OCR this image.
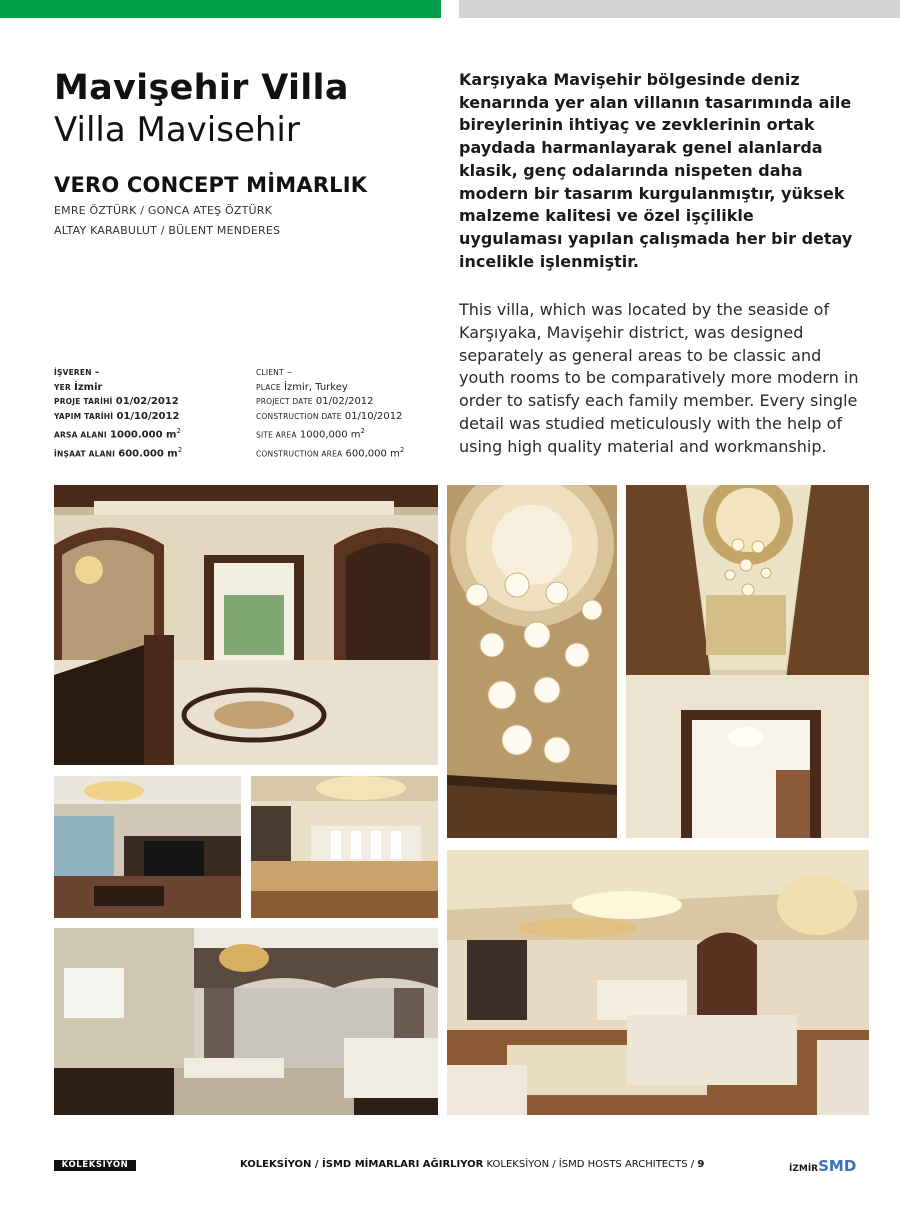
Mavişehir Villa
Villa Mavisehir
VERO CONCEPT MİMARLIK
EMRE ÖZTÜRK / GONCA ATEŞ ÖZTÜRK
ALTAY KARABULUT / BÜLENT MENDERES
İŞVEREN -
YER İzmir
PROJE TARİHİ 01/02/2012
YAPIM TARİHİ 01/10/2012
ARSA ALANI 1000.000 $m^2$
İNŞAAT ALANI 600.000 $m^2$
CLIENT –
PLACE İzmir, Turkey
PROJECT DATE 01/02/2012
CONSTRUCTION DATE 01/10/2012
SITE AREA 1000,000 $m^2$
CONSTRUCTION AREA 600,000 $m^2$

Karşıyaka Mavişehir bölgesinde deniz kenarında yer alan villanın tasarımında aile bireylerinin ihtiyaç ve zevklerinin ortak paydada harmanlayarak genel alanlarda klasik, genç odalarında nispeten daha modern bir tasarım kurgulanmıştır, yüksek malzeme kalitesi ve özel işçilikle uygulaması yapılan çalışmada her bir detay incelikle işlenmiştir.

This villa, which was located by the seaside of Karşıyaka, Mavişehir district, was designed separately as general areas to be classic and youth rooms to be comparatively more modern in order to satisfy each family member. Every single detail was studied meticulously with the help of using high quality material and workmanship.

KOLEKSİYON	KOLEKSİYON / İSMD MİMARLARI AĞIRLIYOR KOLEKSİYON / İSMD HOSTS ARCHITECTS / 9	İZMİRSMD
